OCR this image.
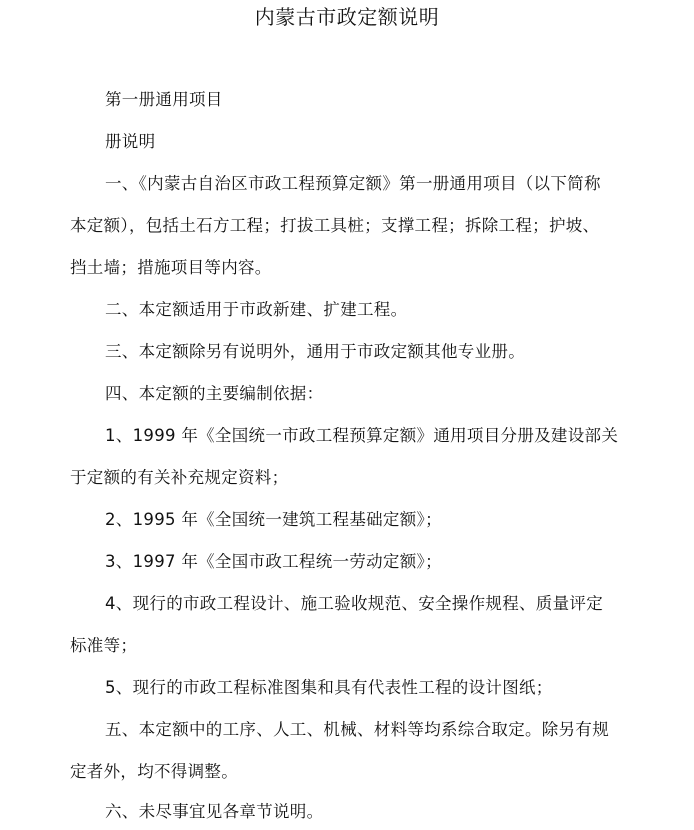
内蒙古市政定额说明
第一册通用项目
册说明
一、《内蒙古自治区市政工程预算定额》第一册通用项目（以下简称
本定额），包括土石方工程；打拔工具桩；支撑工程；拆除工程；护坡、
挡土墙；措施项目等内容。
二、本定额适用于市政新建、扩建工程。
三、本定额除另有说明外，通用于市政定额其他专业册。
四、本定额的主要编制依据：
1、1999 年《全国统一市政工程预算定额》通用项目分册及建设部关
于定额的有关补充规定资料；
2、1995 年《全国统一建筑工程基础定额》；
3、1997 年《全国市政工程统一劳动定额》；
4、现行的市政工程设计、施工验收规范、安全操作规程、质量评定
标准等；
5、现行的市政工程标准图集和具有代表性工程的设计图纸；
五、本定额中的工序、人工、机械、材料等均系综合取定。除另有规
定者外，均不得调整。
六、未尽事宜见各章节说明。
